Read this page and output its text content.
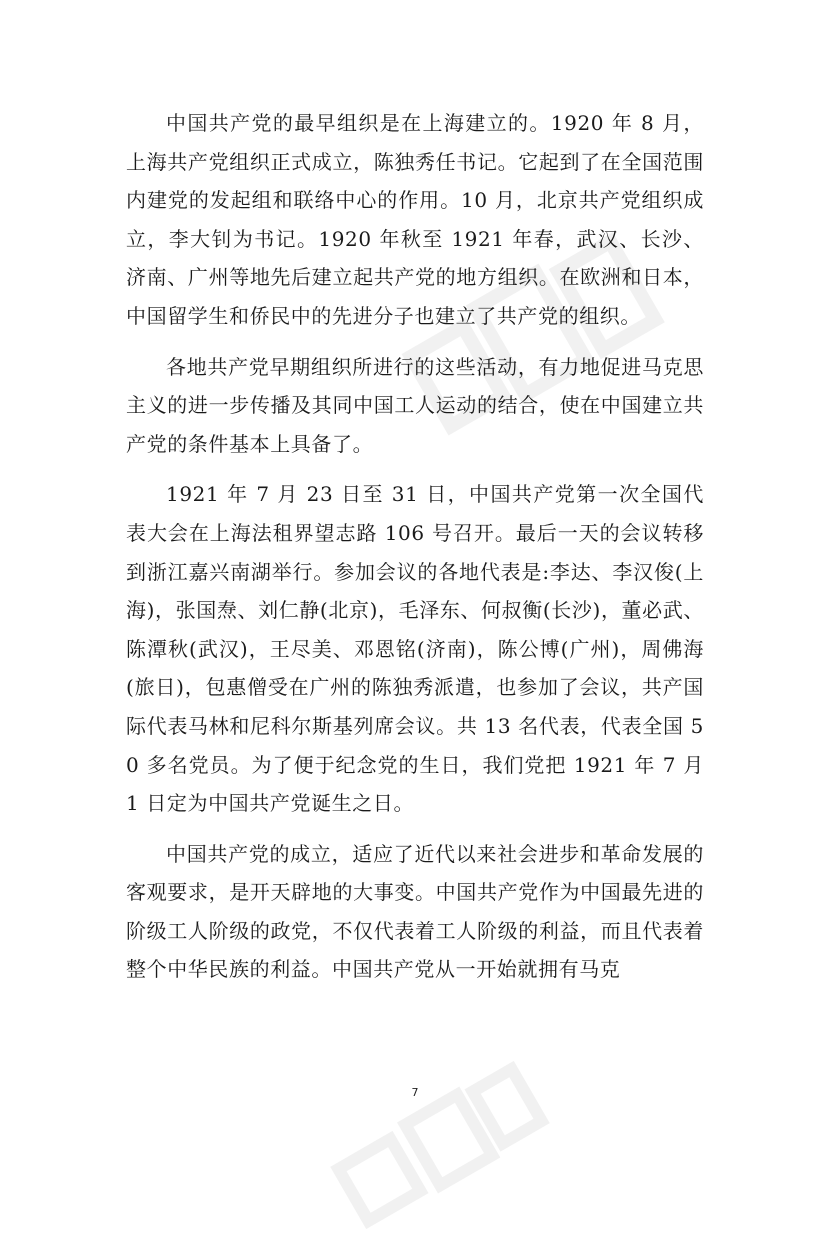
中国共产党的最早组织是在上海建立的。1920 年 8 月，上海共产党组织正式成立，陈独秀任书记。它起到了在全国范围内建党的发起组和联络中心的作用。10 月，北京共产党组织成立，李大钊为书记。1920 年秋至 1921 年春，武汉、长沙、济南、广州等地先后建立起共产党的地方组织。在欧洲和日本，中国留学生和侨民中的先进分子也建立了共产党的组织。

各地共产党早期组织所进行的这些活动，有力地促进马克思主义的进一步传播及其同中国工人运动的结合，使在中国建立共产党的条件基本上具备了。

1921 年 7 月 23 日至 31 日，中国共产党第一次全国代表大会在上海法租界望志路 106 号召开。最后一天的会议转移到浙江嘉兴南湖举行。参加会议的各地代表是:李达、李汉俊(上海)，张国焘、刘仁静(北京)，毛泽东、何叔衡(长沙)，董必武、陈潭秋(武汉)，王尽美、邓恩铭(济南)，陈公博(广州)，周佛海(旅日)，包惠僧受在广州的陈独秀派遣，也参加了会议，共产国际代表马林和尼科尔斯基列席会议。共 13 名代表，代表全国 50 多名党员。为了便于纪念党的生日，我们党把 1921 年 7 月 1 日定为中国共产党诞生之日。

中国共产党的成立，适应了近代以来社会进步和革命发展的客观要求，是开天辟地的大事变。中国共产党作为中国最先进的阶级工人阶级的政党，不仅代表着工人阶级的利益，而且代表着整个中华民族的利益。中国共产党从一开始就拥有马克

7
